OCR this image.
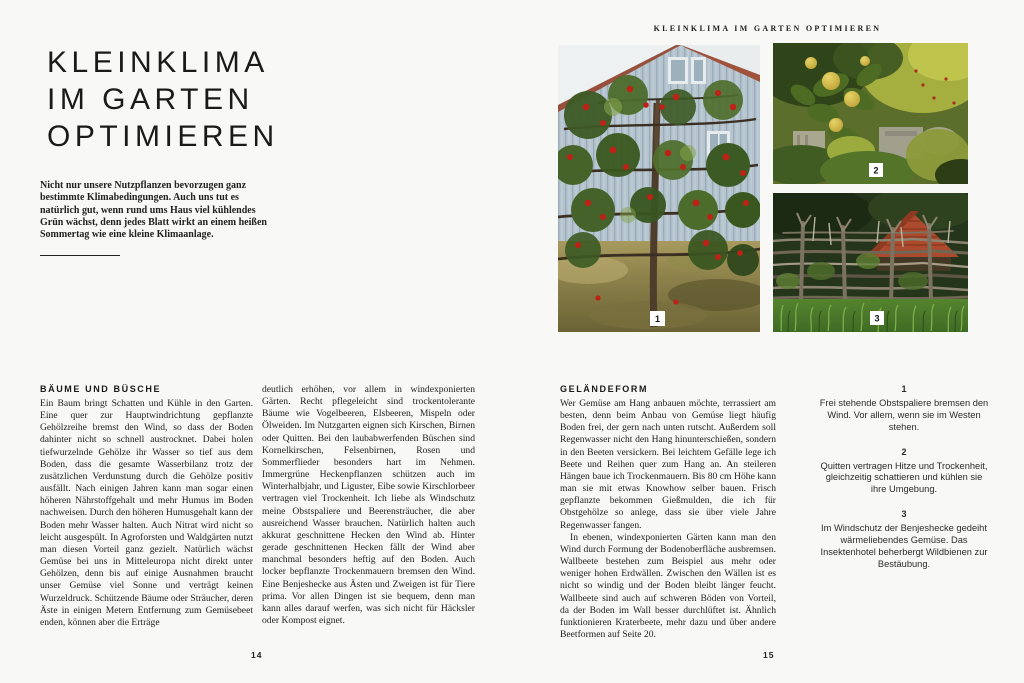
KLEINKLIMA
IM GARTEN
OPTIMIEREN
Nicht nur unsere Nutzpflanzen bevorzugen ganz bestimmte Klimabedingungen. Auch uns tut es natürlich gut, wenn rund ums Haus viel kühlendes Grün wächst, denn jedes Blatt wirkt an einem heißen Sommertag wie eine kleine Klimaanlage.
BÄUME UND BÜSCHE

Ein Baum bringt Schatten und Kühle in den Garten. Eine quer zur Hauptwindrichtung gepflanzte Gehölzreihe bremst den Wind, so dass der Boden dahinter nicht so schnell austrocknet. Dabei holen tiefwurzelnde Gehölze ihr Wasser so tief aus dem Boden, dass die gesamte Wasserbilanz trotz der zusätzlichen Verdunstung durch die Gehölze positiv ausfällt. Nach einigen Jahren kann man sogar einen höheren Nährstoffgehalt und mehr Humus im Boden nachweisen. Durch den höheren Humusgehalt kann der Boden mehr Wasser halten. Auch Nitrat wird nicht so leicht ausgespült. In Agroforsten und Waldgärten nutzt man diesen Vorteil ganz gezielt. Natürlich wächst Gemüse bei uns in Mitteleuropa nicht direkt unter Gehölzen, denn bis auf einige Ausnahmen braucht unser Gemüse viel Sonne und verträgt keinen Wurzeldruck. Schützende Bäume oder Sträucher, deren Äste in einigen Metern Entfernung zum Gemüsebeet enden, können aber die Erträge

deutlich erhöhen, vor allem in windexponierten Gärten. Recht pflegeleicht sind trockentolerante Bäume wie Vogelbeeren, Elsbeeren, Mispeln oder Ölweiden. Im Nutzgarten eignen sich Kirschen, Birnen oder Quitten. Bei den laubabwerfenden Büschen sind Kornelkirschen, Felsenbirnen, Rosen und Sommerflieder besonders hart im Nehmen. Immergrüne Heckenpflanzen schützen auch im Winterhalbjahr, und Liguster, Eibe sowie Kirschlorbeer vertragen viel Trockenheit. Ich liebe als Windschutz meine Obstspaliere und Beerensträucher, die aber ausreichend Wasser brauchen. Natürlich halten auch akkurat geschnittene Hecken den Wind ab. Hinter gerade geschnittenen Hecken fällt der Wind aber manchmal besonders heftig auf den Boden. Auch locker bepflanzte Trockenmauern bremsen den Wind. Eine Benjeshecke aus Ästen und Zweigen ist für Tiere prima. Vor allen Dingen ist sie bequem, denn man kann alles darauf werfen, was sich nicht für Häcksler oder Kompost eignet.

14
KLEINKLIMA IM GARTEN OPTIMIEREN
1
2
3
GELÄNDEFORM

Wer Gemüse am Hang anbauen möchte, terrassiert am besten, denn beim Anbau von Gemüse liegt häufig Boden frei, der gern nach unten rutscht. Außerdem soll Regenwasser nicht den Hang hinunterschießen, sondern in den Beeten versickern. Bei leichtem Gefälle lege ich Beete und Reihen quer zum Hang an. An steileren Hängen baue ich Trockenmauern. Bis 80 cm Höhe kann man sie mit etwas Knowhow selber bauen. Frisch gepflanzte bekommen Gießmulden, die ich für Obstgehölze so anlege, dass sie über viele Jahre Regenwasser fangen.

In ebenen, windexponierten Gärten kann man den Wind durch Formung der Bodenoberfläche ausbremsen. Wallbeete bestehen zum Beispiel aus mehr oder weniger hohen Erdwällen. Zwischen den Wällen ist es nicht so windig und der Boden bleibt länger feucht. Wallbeete sind auch auf schweren Böden von Vorteil, da der Boden im Wall besser durchlüftet ist. Ähnlich funktionieren Kraterbeete, mehr dazu und über andere Beetformen auf Seite 20.

1
Frei stehende Obstspaliere bremsen den Wind. Vor allem, wenn sie im Westen stehen.
2
Quitten vertragen Hitze und Trockenheit, gleichzeitig schattieren und kühlen sie ihre Umgebung.
3
Im Windschutz der Benjeshecke gedeiht wärmeliebendes Gemüse. Das Insektenhotel beherbergt Wildbienen zur Bestäubung.
15
